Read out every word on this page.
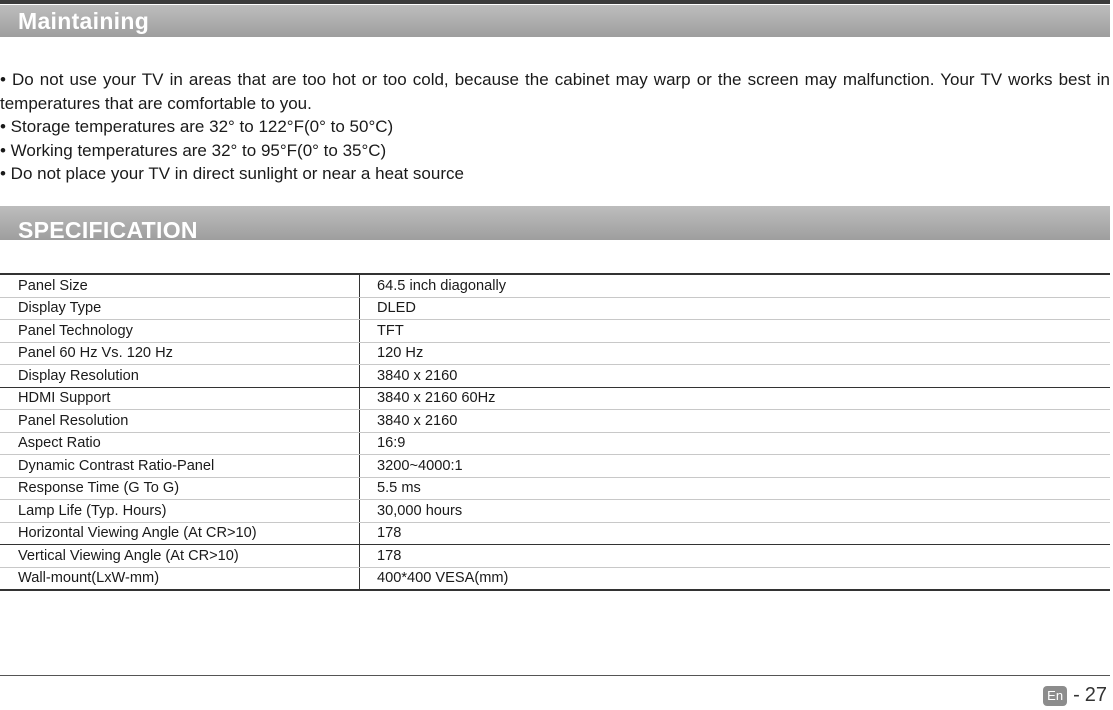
Maintaining

• Do not use your TV in areas that are too hot or too cold, because the cabinet may warp or the screen may malfunction. Your TV works best in temperatures that are comfortable to you.

• Storage temperatures are 32° to 122°F(0° to 50°C)

• Working temperatures are 32° to 95°F(0° to 35°C)

• Do not place your TV in direct sunlight or near a heat source

SPECIFICATION
Panel Size	64.5 inch diagonally
Display Type	DLED
Panel Technology	TFT
Panel 60 Hz Vs. 120 Hz	120 Hz
Display Resolution	3840 x 2160
HDMI Support	3840 x 2160 60Hz
Panel Resolution	3840 x 2160
Aspect Ratio	16:9
Dynamic Contrast Ratio-Panel	3200~4000:1
Response Time (G To G)	5.5 ms
Lamp Life (Typ. Hours)	30,000 hours
Horizontal Viewing Angle (At CR>10)	178
Vertical Viewing Angle (At CR>10)	178
Wall-mount(LxW-mm)	400*400 VESA(mm)
En - 27
